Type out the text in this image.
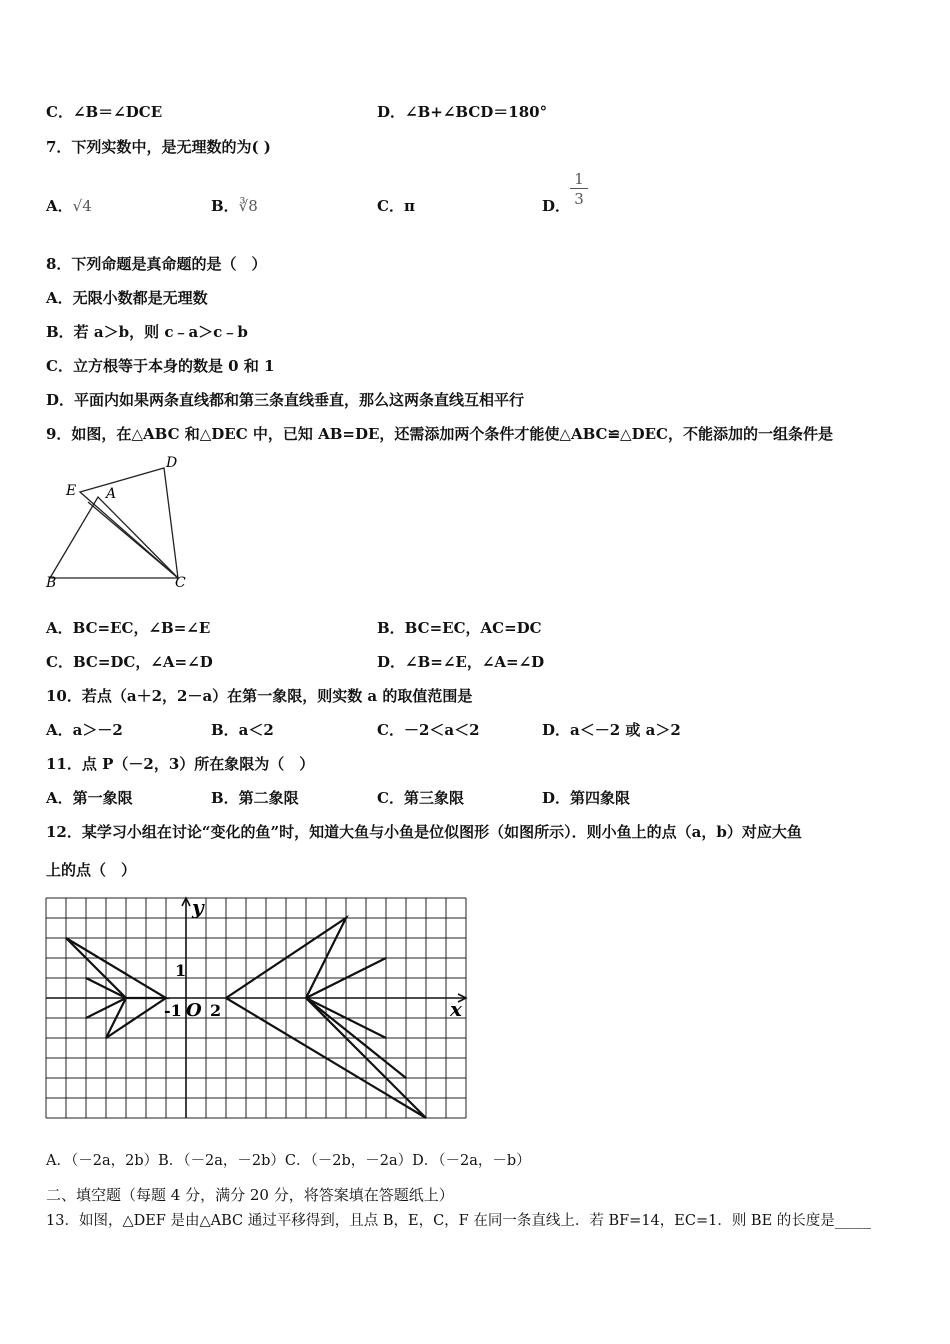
C．∠B＝∠DCE	D．∠B+∠BCD＝180°
7．下列实数中，是无理数的为( )
A．√4	B．∛8	C．π	D． $\frac{1}{3}$
8．下列命题是真命题的是（　）
A．无限小数都是无理数
B．若 a＞b，则 c﹣a＞c﹣b
C．立方根等于本身的数是 0 和 1
D．平面内如果两条直线都和第三条直线垂直，那么这两条直线互相平行
9．如图，在△ABC 和△DEC 中，已知 AB=DE，还需添加两个条件才能使△ABC≌△DEC，不能添加的一组条件是
D
E A
B	C
A．BC=EC，∠B=∠E	B．BC=EC，AC=DC
C．BC=DC，∠A=∠D	D．∠B=∠E，∠A=∠D
10．若点（a＋2，2－a）在第一象限，则实数 a 的取值范围是
A．a＞－2	B．a＜2	C．－2＜a＜2	D．a＜－2 或 a＞2
11．点 P（－2，3）所在象限为（　）
A．第一象限	B．第二象限	C．第三象限	D．第四象限
12．某学习小组在讨论“变化的鱼”时，知道大鱼与小鱼是位似图形（如图所示）．则小鱼上的点（a，b）对应大鱼
上的点（　）
y
x
1
-1 O 2
A．（－2a，2b）B．（－2a，－2b）C．（－2b，－2a）D．（－2a，－b）
二、填空题（每题 4 分，满分 20 分，将答案填在答题纸上）
13．如图，△DEF 是由△ABC 通过平移得到，且点 B，E，C，F 在同一条直线上．若 BF=14，EC=1．则 BE 的长度是_____
